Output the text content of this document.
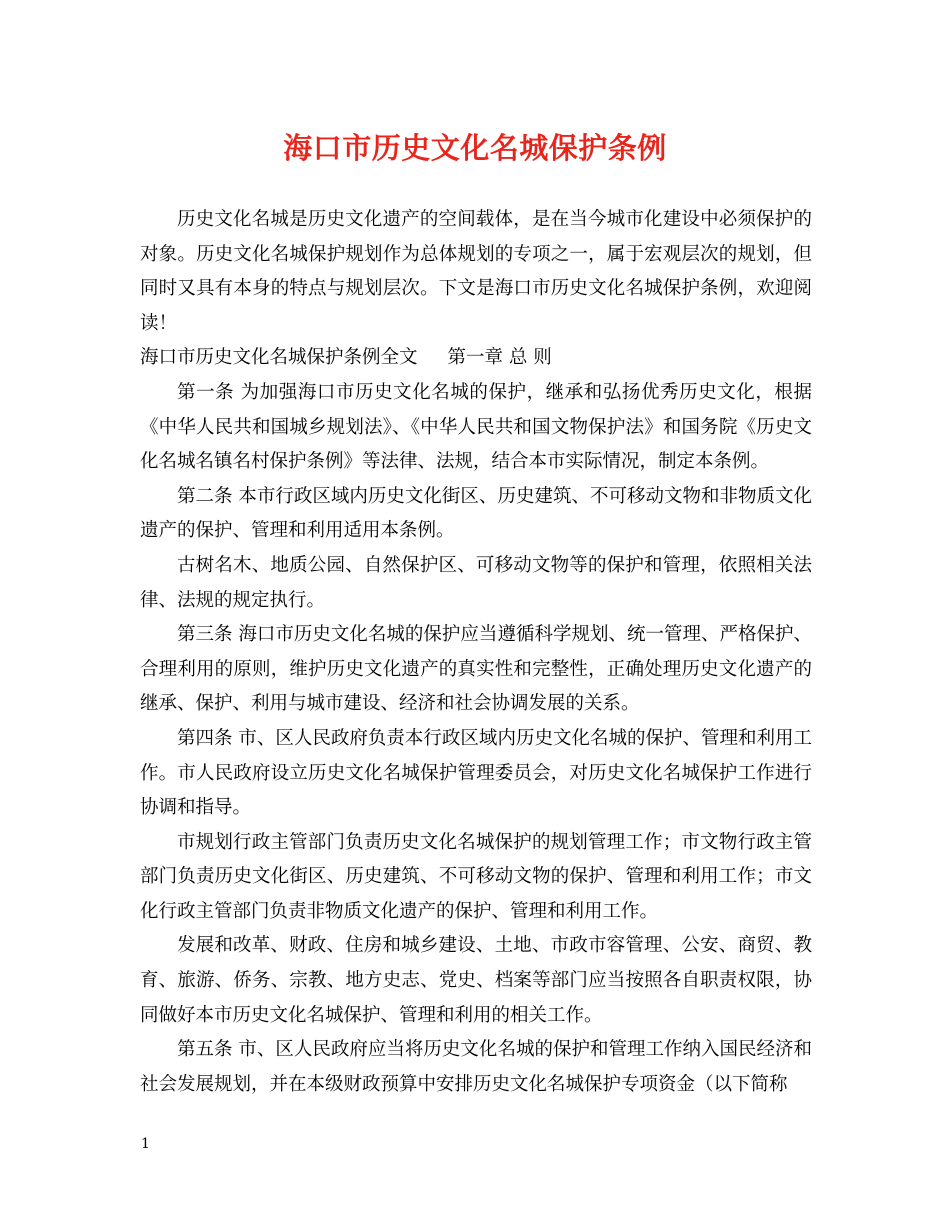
海口市历史文化名城保护条例

历史文化名城是历史文化遗产的空间载体，是在当今城市化建设中必须保护的对象。历史文化名城保护规划作为总体规划的专项之一，属于宏观层次的规划，但同时又具有本身的特点与规划层次。下文是海口市历史文化名城保护条例，欢迎阅读！

海口市历史文化名城保护条例全文 第一章 总 则

第一条 为加强海口市历史文化名城的保护，继承和弘扬优秀历史文化，根据《中华人民共和国城乡规划法》、《中华人民共和国文物保护法》和国务院《历史文化名城名镇名村保护条例》等法律、法规，结合本市实际情况，制定本条例。

第二条 本市行政区域内历史文化街区、历史建筑、不可移动文物和非物质文化遗产的保护、管理和利用适用本条例。

古树名木、地质公园、自然保护区、可移动文物等的保护和管理，依照相关法律、法规的规定执行。

第三条 海口市历史文化名城的保护应当遵循科学规划、统一管理、严格保护、合理利用的原则，维护历史文化遗产的真实性和完整性，正确处理历史文化遗产的继承、保护、利用与城市建设、经济和社会协调发展的关系。

第四条 市、区人民政府负责本行政区域内历史文化名城的保护、管理和利用工作。市人民政府设立历史文化名城保护管理委员会，对历史文化名城保护工作进行协调和指导。

市规划行政主管部门负责历史文化名城保护的规划管理工作；市文物行政主管部门负责历史文化街区、历史建筑、不可移动文物的保护、管理和利用工作；市文化行政主管部门负责非物质文化遗产的保护、管理和利用工作。

发展和改革、财政、住房和城乡建设、土地、市政市容管理、公安、商贸、教育、旅游、侨务、宗教、地方史志、党史、档案等部门应当按照各自职责权限，协同做好本市历史文化名城保护、管理和利用的相关工作。

第五条 市、区人民政府应当将历史文化名城的保护和管理工作纳入国民经济和社会发展规划，并在本级财政预算中安排历史文化名城保护专项资金（以下简称

1
